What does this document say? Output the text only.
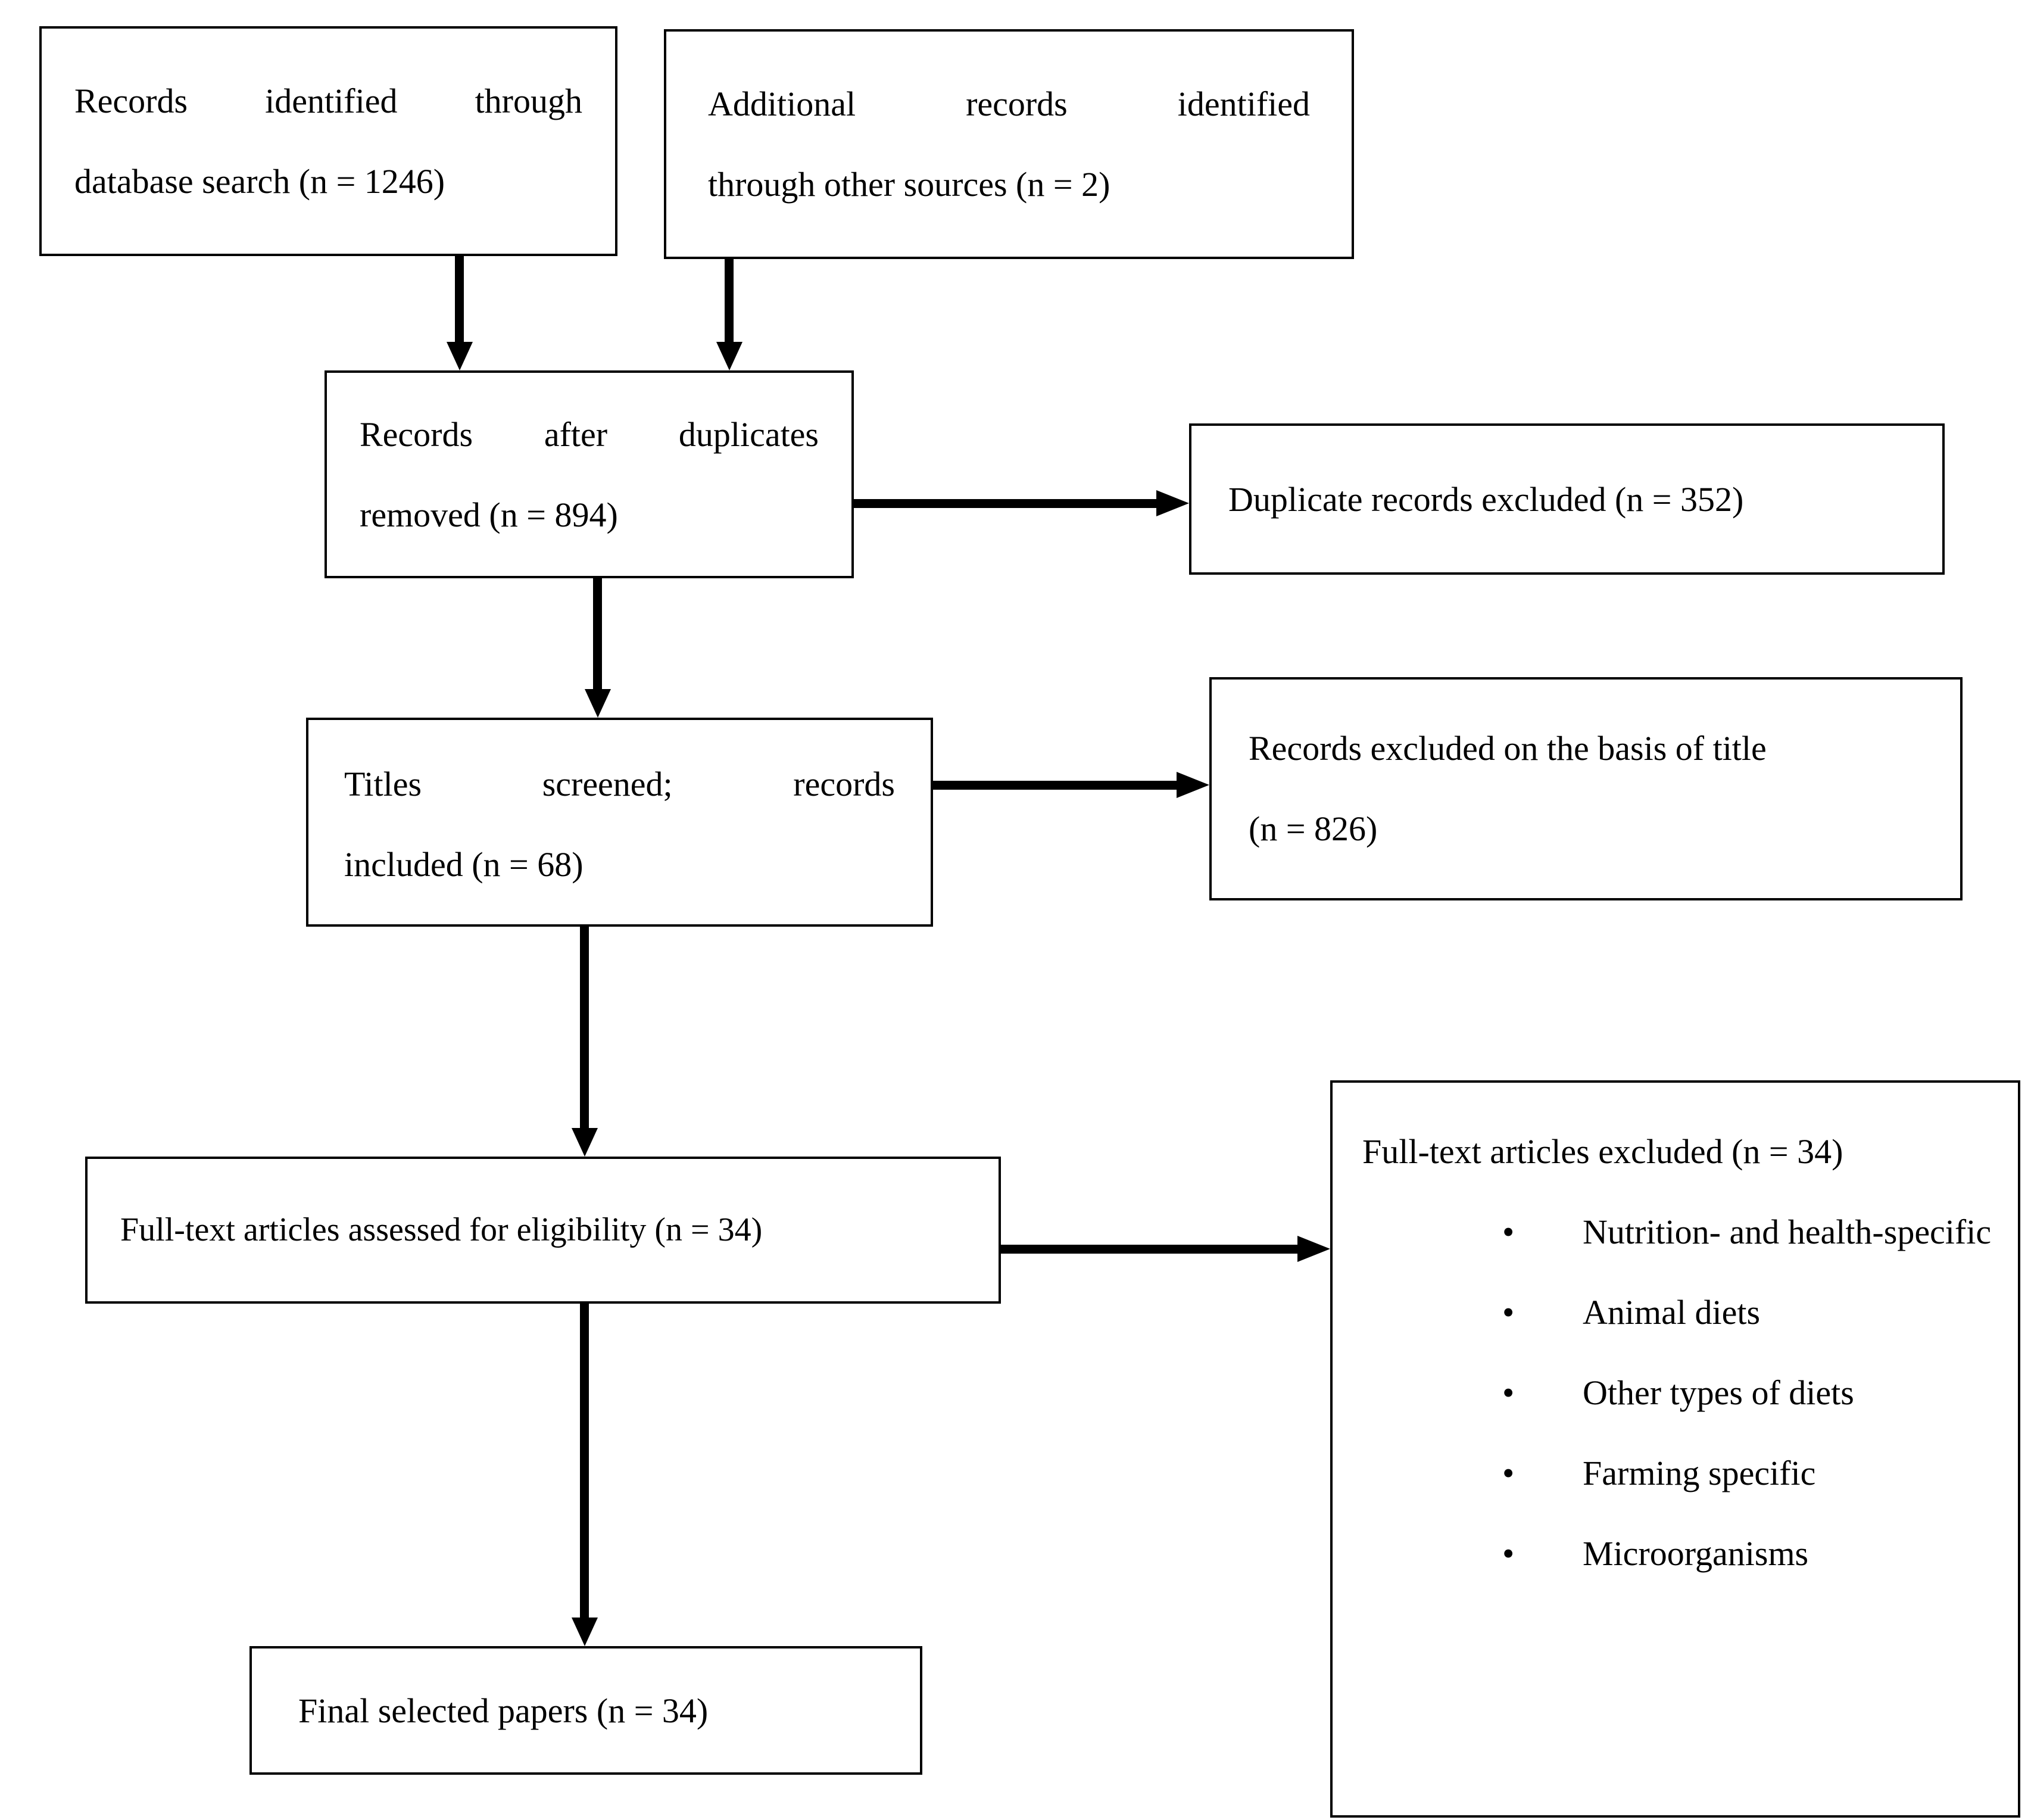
Records identified through
database search (n = 1246)
Additional records identified
through other sources (n = 2)
Records after duplicates
removed (n = 894)	Duplicate records excluded (n = 352)
Titles screened; records
included (n = 68)
Records excluded on the basis of title
(n = 826)
Full-text articles assessed for eligibility (n = 34)
Full-text articles excluded (n = 34)
• Nutrition- and health-specific
• Animal diets
• Other types of diets
• Farming specific
• Microorganisms
Final selected papers (n = 34)
